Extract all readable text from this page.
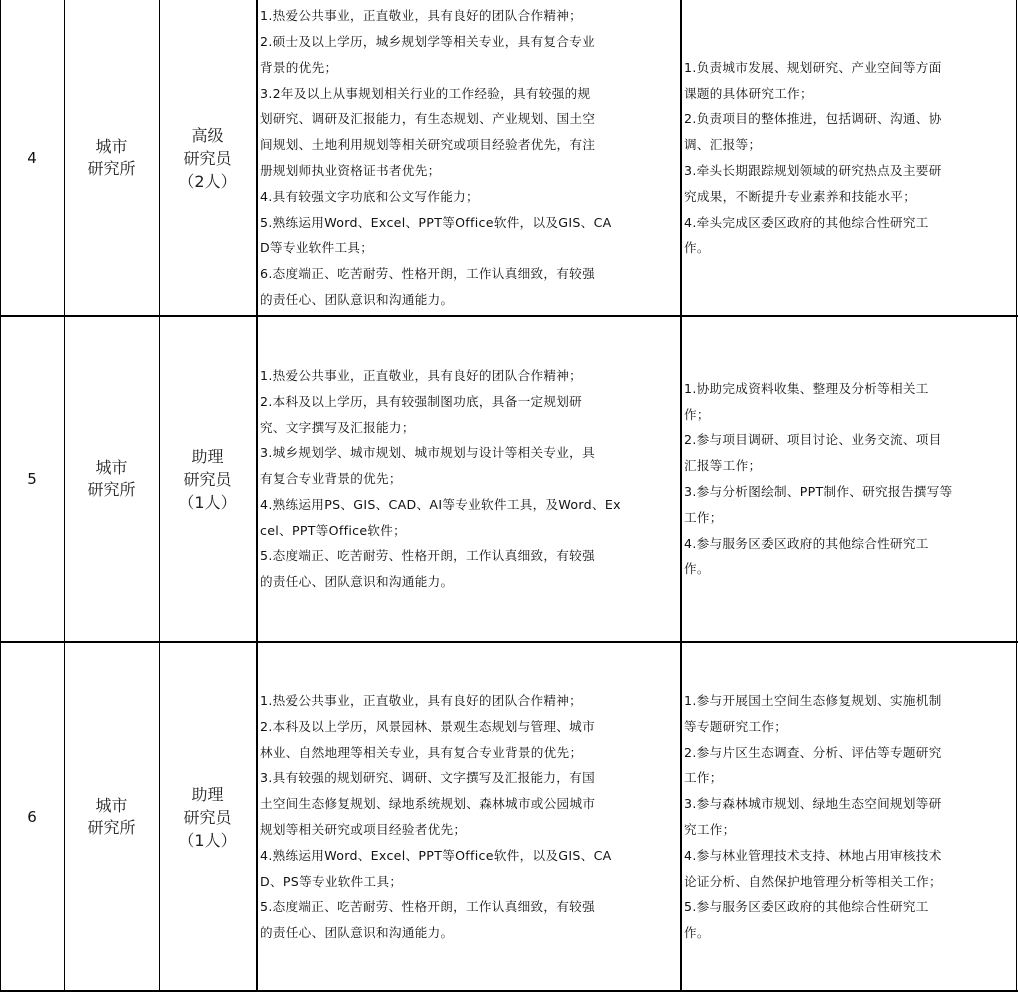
4
城市
研究所
高级
研究员
（2人）

1.热爱公共事业，正直敬业，具有良好的团队合作精神；

2.硕士及以上学历，城乡规划学等相关专业，具有复合专业

背景的优先；

3.2年及以上从事规划相关行业的工作经验，具有较强的规

划研究、调研及汇报能力，有生态规划、产业规划、国土空

间规划、土地利用规划等相关研究或项目经验者优先，有注

册规划师执业资格证书者优先；

4.具有较强文字功底和公文写作能力；

5.熟练运用Word、Excel、PPT等Office软件，以及GIS、CA

D等专业软件工具；

6.态度端正、吃苦耐劳、性格开朗，工作认真细致，有较强

的责任心、团队意识和沟通能力。

1.负责城市发展、规划研究、产业空间等方面

课题的具体研究工作；

2.负责项目的整体推进，包括调研、沟通、协

调、汇报等；

3.牵头长期跟踪规划领域的研究热点及主要研

究成果，不断提升专业素养和技能水平；

4.牵头完成区委区政府的其他综合性研究工

作。

5
城市
研究所
助理
研究员
（1人）

1.热爱公共事业，正直敬业，具有良好的团队合作精神；

2.本科及以上学历，具有较强制图功底，具备一定规划研

究、文字撰写及汇报能力；

3.城乡规划学、城市规划、城市规划与设计等相关专业，具

有复合专业背景的优先；

4.熟练运用PS、GIS、CAD、AI等专业软件工具，及Word、Ex

cel、PPT等Office软件；

5.态度端正、吃苦耐劳、性格开朗，工作认真细致，有较强

的责任心、团队意识和沟通能力。

1.协助完成资料收集、整理及分析等相关工

作；

2.参与项目调研、项目讨论、业务交流、项目

汇报等工作；

3.参与分析图绘制、PPT制作、研究报告撰写等

工作；

4.参与服务区委区政府的其他综合性研究工

作。

6
城市
研究所
助理
研究员
（1人）

1.热爱公共事业，正直敬业，具有良好的团队合作精神；

2.本科及以上学历，风景园林、景观生态规划与管理、城市

林业、自然地理等相关专业，具有复合专业背景的优先；

3.具有较强的规划研究、调研、文字撰写及汇报能力，有国

土空间生态修复规划、绿地系统规划、森林城市或公园城市

规划等相关研究或项目经验者优先；

4.熟练运用Word、Excel、PPT等Office软件，以及GIS、CA

D、PS等专业软件工具；

5.态度端正、吃苦耐劳、性格开朗，工作认真细致，有较强

的责任心、团队意识和沟通能力。

1.参与开展国土空间生态修复规划、实施机制

等专题研究工作；

2.参与片区生态调查、分析、评估等专题研究

工作；

3.参与森林城市规划、绿地生态空间规划等研

究工作；

4.参与林业管理技术支持、林地占用审核技术

论证分析、自然保护地管理分析等相关工作；

5.参与服务区委区政府的其他综合性研究工

作。
